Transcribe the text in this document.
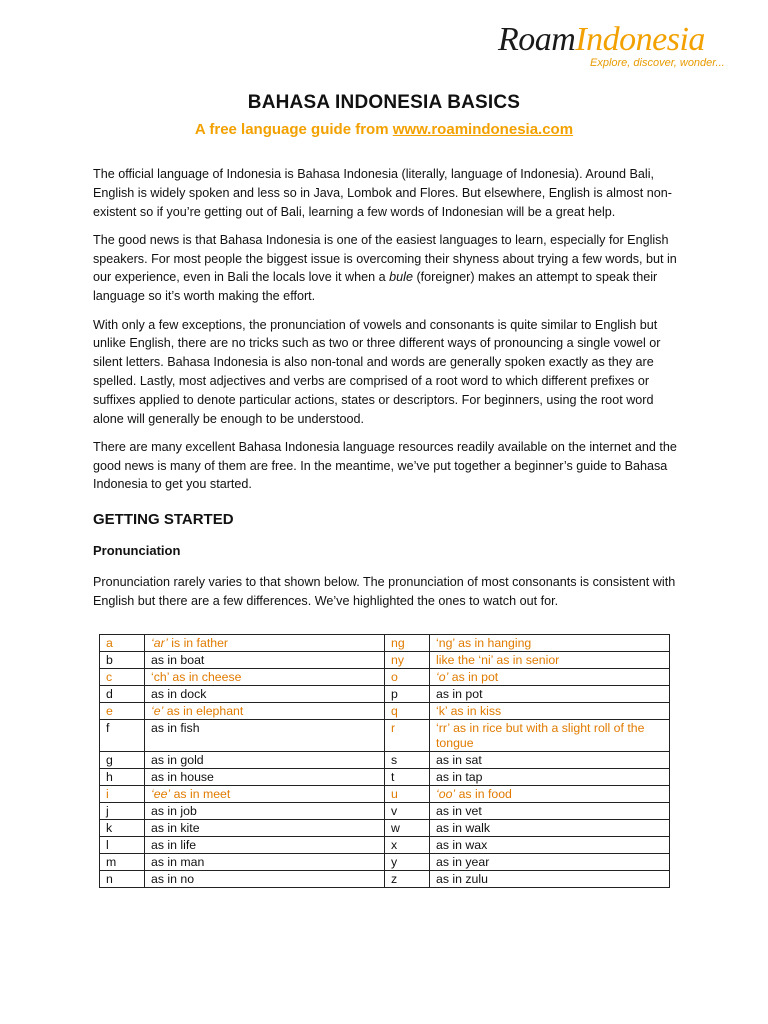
RoamIndonesia
Explore, discover, wonder...
BAHASA INDONESIA BASICS
A free language guide from www.roamindonesia.com

The official language of Indonesia is Bahasa Indonesia (literally, language of Indonesia). Around Bali, English is widely spoken and less so in Java, Lombok and Flores. But elsewhere, English is almost non-existent so if you’re getting out of Bali, learning a few words of Indonesian will be a great help.

The good news is that Bahasa Indonesia is one of the easiest languages to learn, especially for English speakers. For most people the biggest issue is overcoming their shyness about trying a few words, but in our experience, even in Bali the locals love it when a bule (foreigner) makes an attempt to speak their language so it’s worth making the effort.

With only a few exceptions, the pronunciation of vowels and consonants is quite similar to English but unlike English, there are no tricks such as two or three different ways of pronouncing a single vowel or silent letters. Bahasa Indonesia is also non-tonal and words are generally spoken exactly as they are spelled. Lastly, most adjectives and verbs are comprised of a root word to which different prefixes or suffixes applied to denote particular actions, states or descriptors. For beginners, using the root word alone will generally be enough to be understood.

There are many excellent Bahasa Indonesia language resources readily available on the internet and the good news is many of them are free. In the meantime, we’ve put together a beginner’s guide to Bahasa Indonesia to get you started.

GETTING STARTED
Pronunciation

Pronunciation rarely varies to that shown below. The pronunciation of most consonants is consistent with English but there are a few differences. We’ve highlighted the ones to watch out for.

a	‘ar’ is in father	ng	‘ng’ as in hanging
b	as in boat	ny	like the ‘ni’ as in senior
c	‘ch’ as in cheese	o	‘o’ as in pot
d	as in dock	p	as in pot
e	‘e’ as in elephant	q	‘k’ as in kiss
f	as in fish	r	‘rr’ as in rice but with a slight roll of the tongue
g	as in gold	s	as in sat
h	as in house	t	as in tap
i	‘ee’ as in meet	u	‘oo’ as in food
j	as in job	v	as in vet
k	as in kite	w	as in walk
l	as in life	x	as in wax
m	as in man	y	as in year
n	as in no	z	as in zulu
